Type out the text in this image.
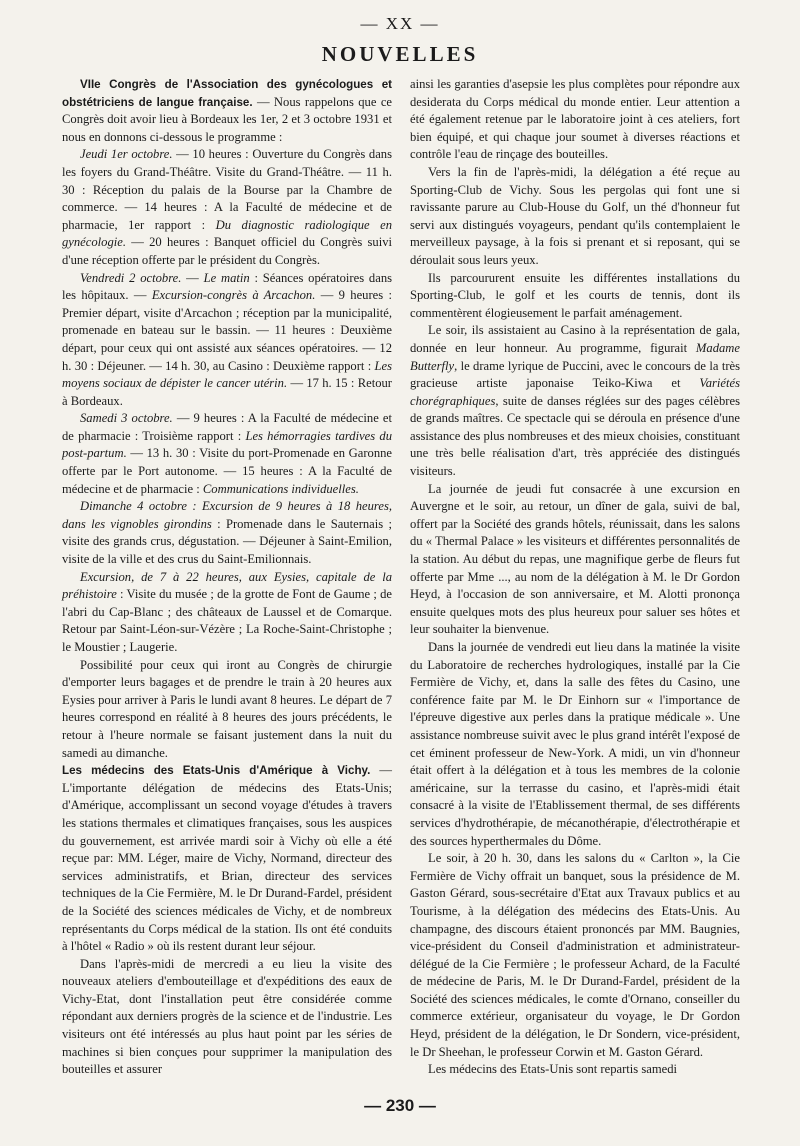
— XX —
NOUVELLES

VIIe Congrès de l'Association des gynécologues et obstétriciens de langue française. — Nous rappelons que ce Congrès doit avoir lieu à Bordeaux les 1er, 2 et 3 octobre 1931 et nous en donnons ci-dessous le programme :

Jeudi 1er octobre. — 10 heures : Ouverture du Congrès dans les foyers du Grand-Théâtre. Visite du Grand-Théâtre. — 11 h. 30 : Réception du palais de la Bourse par la Chambre de commerce. — 14 heures : A la Faculté de médecine et de pharmacie, 1er rapport : Du diagnostic radiologique en gynécologie. — 20 heures : Banquet officiel du Congrès suivi d'une réception offerte par le président du Congrès.

Vendredi 2 octobre. — Le matin : Séances opératoires dans les hôpitaux. — Excursion-congrès à Arcachon. — 9 heures : Premier départ, visite d'Arcachon ; réception par la municipalité, promenade en bateau sur le bassin. — 11 heures : Deuxième départ, pour ceux qui ont assisté aux séances opératoires. — 12 h. 30 : Déjeuner. — 14 h. 30, au Casino : Deuxième rapport : Les moyens sociaux de dépister le cancer utérin. — 17 h. 15 : Retour à Bordeaux.

Samedi 3 octobre. — 9 heures : A la Faculté de médecine et de pharmacie : Troisième rapport : Les hémorragies tardives du post-partum. — 13 h. 30 : Visite du port-Promenade en Garonne offerte par le Port autonome. — 15 heures : A la Faculté de médecine et de pharmacie : Communications individuelles.

Dimanche 4 octobre : Excursion de 9 heures à 18 heures, dans les vignobles girondins : Promenade dans le Sauternais ; visite des grands crus, dégustation. — Déjeuner à Saint-Emilion, visite de la ville et des crus du Saint-Emilionnais.

Excursion, de 7 à 22 heures, aux Eysies, capitale de la préhistoire : Visite du musée ; de la grotte de Font de Gaume ; de l'abri du Cap-Blanc ; des châteaux de Laussel et de Comarque. Retour par Saint-Léon-sur-Vézère ; La Roche-Saint-Christophe ; le Moustier ; Laugerie.

Possibilité pour ceux qui iront au Congrès de chirurgie d'emporter leurs bagages et de prendre le train à 20 heures aux Eysies pour arriver à Paris le lundi avant 8 heures. Le départ de 7 heures correspond en réalité à 8 heures des jours précédents, le retour à l'heure normale se faisant justement dans la nuit du samedi au dimanche.

Les médecins des Etats-Unis d'Amérique à Vichy. — L'importante délégation de médecins des Etats-Unis; d'Amérique, accomplissant un second voyage d'études à travers les stations thermales et climatiques françaises, sous les auspices du gouvernement, est arrivée mardi soir à Vichy où elle a été reçue par: MM. Léger, maire de Vichy, Normand, directeur des services administratifs, et Brian, directeur des services techniques de la Cie Fermière, M. le Dr Durand-Fardel, président de la Société des sciences médicales de Vichy, et de nombreux représentants du Corps médical de la station. Ils ont été conduits à l'hôtel « Radio » où ils restent durant leur séjour.

Dans l'après-midi de mercredi a eu lieu la visite des nouveaux ateliers d'embouteillage et d'expéditions des eaux de Vichy-Etat, dont l'installation peut être considérée comme répondant aux derniers progrès de la science et de l'industrie. Les visiteurs ont été intéressés au plus haut point par les séries de machines si bien conçues pour supprimer la manipulation des bouteilles et assurer

ainsi les garanties d'asepsie les plus complètes pour répondre aux desiderata du Corps médical du monde entier. Leur attention a été également retenue par le laboratoire joint à ces ateliers, fort bien équipé, et qui chaque jour soumet à diverses réactions et contrôle l'eau de rinçage des bouteilles.

Vers la fin de l'après-midi, la délégation a été reçue au Sporting-Club de Vichy. Sous les pergolas qui font une si ravissante parure au Club-House du Golf, un thé d'honneur fut servi aux distingués voyageurs, pendant qu'ils contemplaient le merveilleux paysage, à la fois si prenant et si reposant, qui se déroulait sous leurs yeux.

Ils parcoururent ensuite les différentes installations du Sporting-Club, le golf et les courts de tennis, dont ils commentèrent élogieusement le parfait aménagement.

Le soir, ils assistaient au Casino à la représentation de gala, donnée en leur honneur. Au programme, figurait Madame Butterfly, le drame lyrique de Puccini, avec le concours de la très gracieuse artiste japonaise Teiko-Kiwa et Variétés chorégraphiques, suite de danses réglées sur des pages célèbres de grands maîtres. Ce spectacle qui se déroula en présence d'une assistance des plus nombreuses et des mieux choisies, constituant une très belle réalisation d'art, très appréciée des distingués visiteurs.

La journée de jeudi fut consacrée à une excursion en Auvergne et le soir, au retour, un dîner de gala, suivi de bal, offert par la Société des grands hôtels, réunissait, dans les salons du « Thermal Palace » les visiteurs et différentes personnalités de la station. Au début du repas, une magnifique gerbe de fleurs fut offerte par Mme ..., au nom de la délégation à M. le Dr Gordon Heyd, à l'occasion de son anniversaire, et M. Alotti prononça ensuite quelques mots des plus heureux pour saluer ses hôtes et leur souhaiter la bienvenue.

Dans la journée de vendredi eut lieu dans la matinée la visite du Laboratoire de recherches hydrologiques, installé par la Cie Fermière de Vichy, et, dans la salle des fêtes du Casino, une conférence faite par M. le Dr Einhorn sur « l'importance de l'épreuve digestive aux perles dans la pratique médicale ». Une assistance nombreuse suivit avec le plus grand intérêt l'exposé de cet éminent professeur de New-York. A midi, un vin d'honneur était offert à la délégation et à tous les membres de la colonie américaine, sur la terrasse du casino, et l'après-midi était consacré à la visite de l'Etablissement thermal, de ses différents services d'hydrothérapie, de mécanothérapie, d'électrothérapie et des sources hyperthermales du Dôme.

Le soir, à 20 h. 30, dans les salons du « Carlton », la Cie Fermière de Vichy offrait un banquet, sous la présidence de M. Gaston Gérard, sous-secrétaire d'Etat aux Travaux publics et au Tourisme, à la délégation des médecins des Etats-Unis. Au champagne, des discours étaient prononcés par MM. Baugnies, vice-président du Conseil d'administration et administrateur-délégué de la Cie Fermière ; le professeur Achard, de la Faculté de médecine de Paris, M. le Dr Durand-Fardel, président de la Société des sciences médicales, le comte d'Ornano, conseiller du commerce extérieur, organisateur du voyage, le Dr Gordon Heyd, président de la délégation, le Dr Sondern, vice-président, le Dr Sheehan, le professeur Corwin et M. Gaston Gérard.

Les médecins des Etats-Unis sont repartis samedi

— 230 —
